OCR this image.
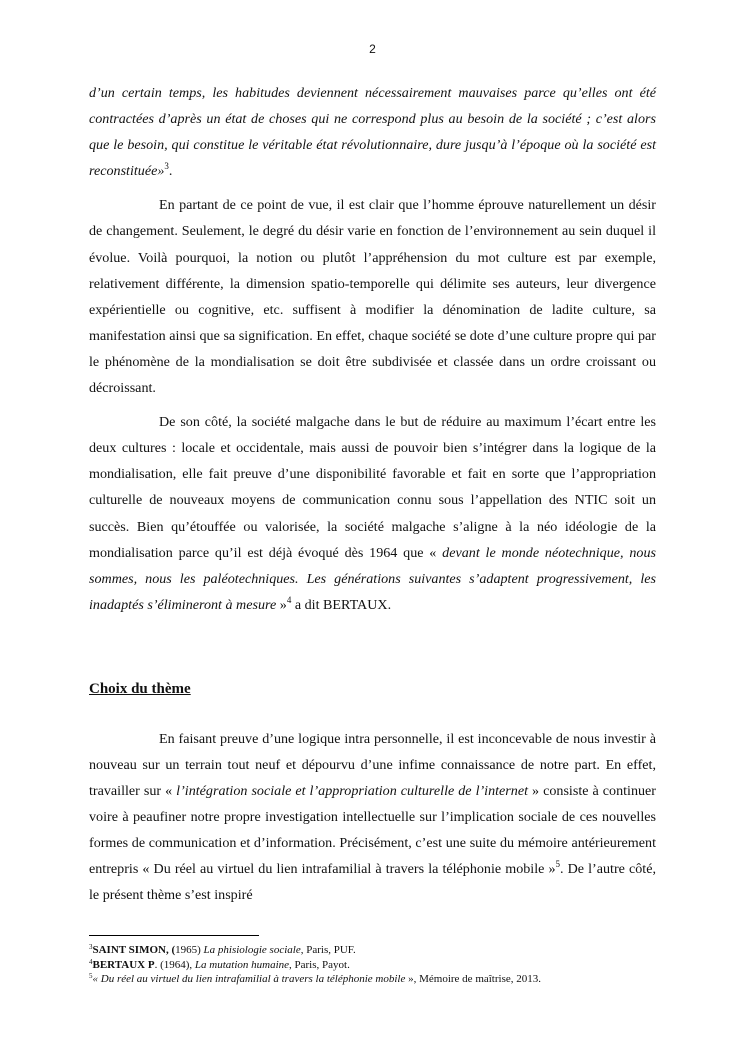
2

d’un certain temps, les habitudes deviennent nécessairement mauvaises parce qu’elles ont été contractées d’après un état de choses qui ne correspond plus au besoin de la société ; c’est alors que le besoin, qui constitue le véritable état révolutionnaire, dure jusqu’à l’époque où la société est reconstituée»$^3$.

En partant de ce point de vue, il est clair que l’homme éprouve naturellement un désir de changement. Seulement, le degré du désir varie en fonction de l’environnement au sein duquel il évolue. Voilà pourquoi, la notion ou plutôt l’appréhension du mot culture est par exemple, relativement différente, la dimension spatio-temporelle qui délimite ses auteurs, leur divergence expérientielle ou cognitive, etc. suffisent à modifier la dénomination de ladite culture, sa manifestation ainsi que sa signification. En effet, chaque société se dote d’une culture propre qui par le phénomène de la mondialisation se doit être subdivisée et classée dans un ordre croissant ou décroissant.

De son côté, la société malgache dans le but de réduire au maximum l’écart entre les deux cultures : locale et occidentale, mais aussi de pouvoir bien s’intégrer dans la logique de la mondialisation, elle fait preuve d’une disponibilité favorable et fait en sorte que l’appropriation culturelle de nouveaux moyens de communication connu sous l’appellation des NTIC soit un succès. Bien qu’étouffée ou valorisée, la société malgache s’aligne à la néo idéologie de la mondialisation parce qu’il est déjà évoqué dès 1964 que « devant le monde néotechnique, nous sommes, nous les paléotechniques. Les générations suivantes s’adaptent progressivement, les inadaptés s’élimineront à mesure »$^4$ a dit BERTAUX.

Choix du thème

En faisant preuve d’une logique intra personnelle, il est inconcevable de nous investir à nouveau sur un terrain tout neuf et dépourvu d’une infime connaissance de notre part. En effet, travailler sur « l’intégration sociale et l’appropriation culturelle de l’internet » consiste à continuer voire à peaufiner notre propre investigation intellectuelle sur l’implication sociale de ces nouvelles formes de communication et d’information. Précisément, c’est une suite du mémoire antérieurement entrepris « Du réel au virtuel du lien intrafamilial à travers la téléphonie mobile »$^5$. De l’autre côté, le présent thème s’est inspiré

$^3$SAINT SIMON, (1965) La phisiologie sociale, Paris, PUF.
$^4$BERTAUX P. (1964), La mutation humaine, Paris, Payot.
$^5$« Du réel au virtuel du lien intrafamilial à travers la téléphonie mobile », Mémoire de maîtrise, 2013.
